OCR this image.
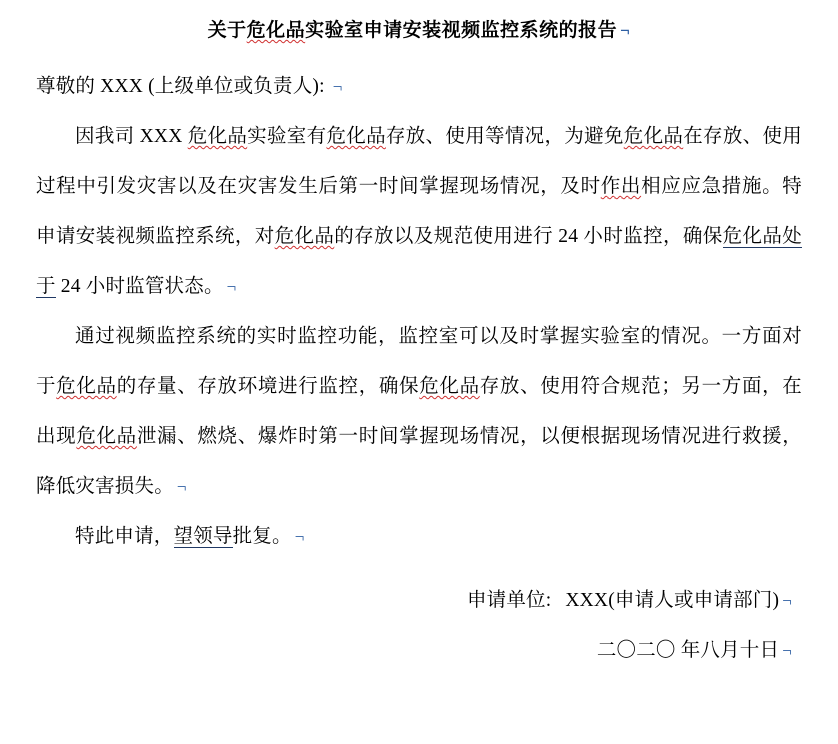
关于危化品实验室申请安装视频监控系统的报告 ¬

尊敬的 XXX (上级单位或负责人): ¬

因我司 XXX 危化品实验室有危化品存放、使用等情况，为避免危化品在存放、使用过程中引发灾害以及在灾害发生后第一时间掌握现场情况，及时作出相应应急措施。特申请安装视频监控系统，对危化品的存放以及规范使用进行 24 小时监控，确保危化品处于 24 小时监管状态。 ¬

通过视频监控系统的实时监控功能，监控室可以及时掌握实验室的情况。一方面对于危化品的存量、存放环境进行监控，确保危化品存放、使用符合规范；另一方面，在出现危化品泄漏、燃烧、爆炸时第一时间掌握现场情况，以便根据现场情况进行救援，降低灾害损失。 ¬

特此申请，望领导批复。 ¬

申请单位: XXX(申请人或申请部门) ¬

二〇二〇 年八月十日 ¬
